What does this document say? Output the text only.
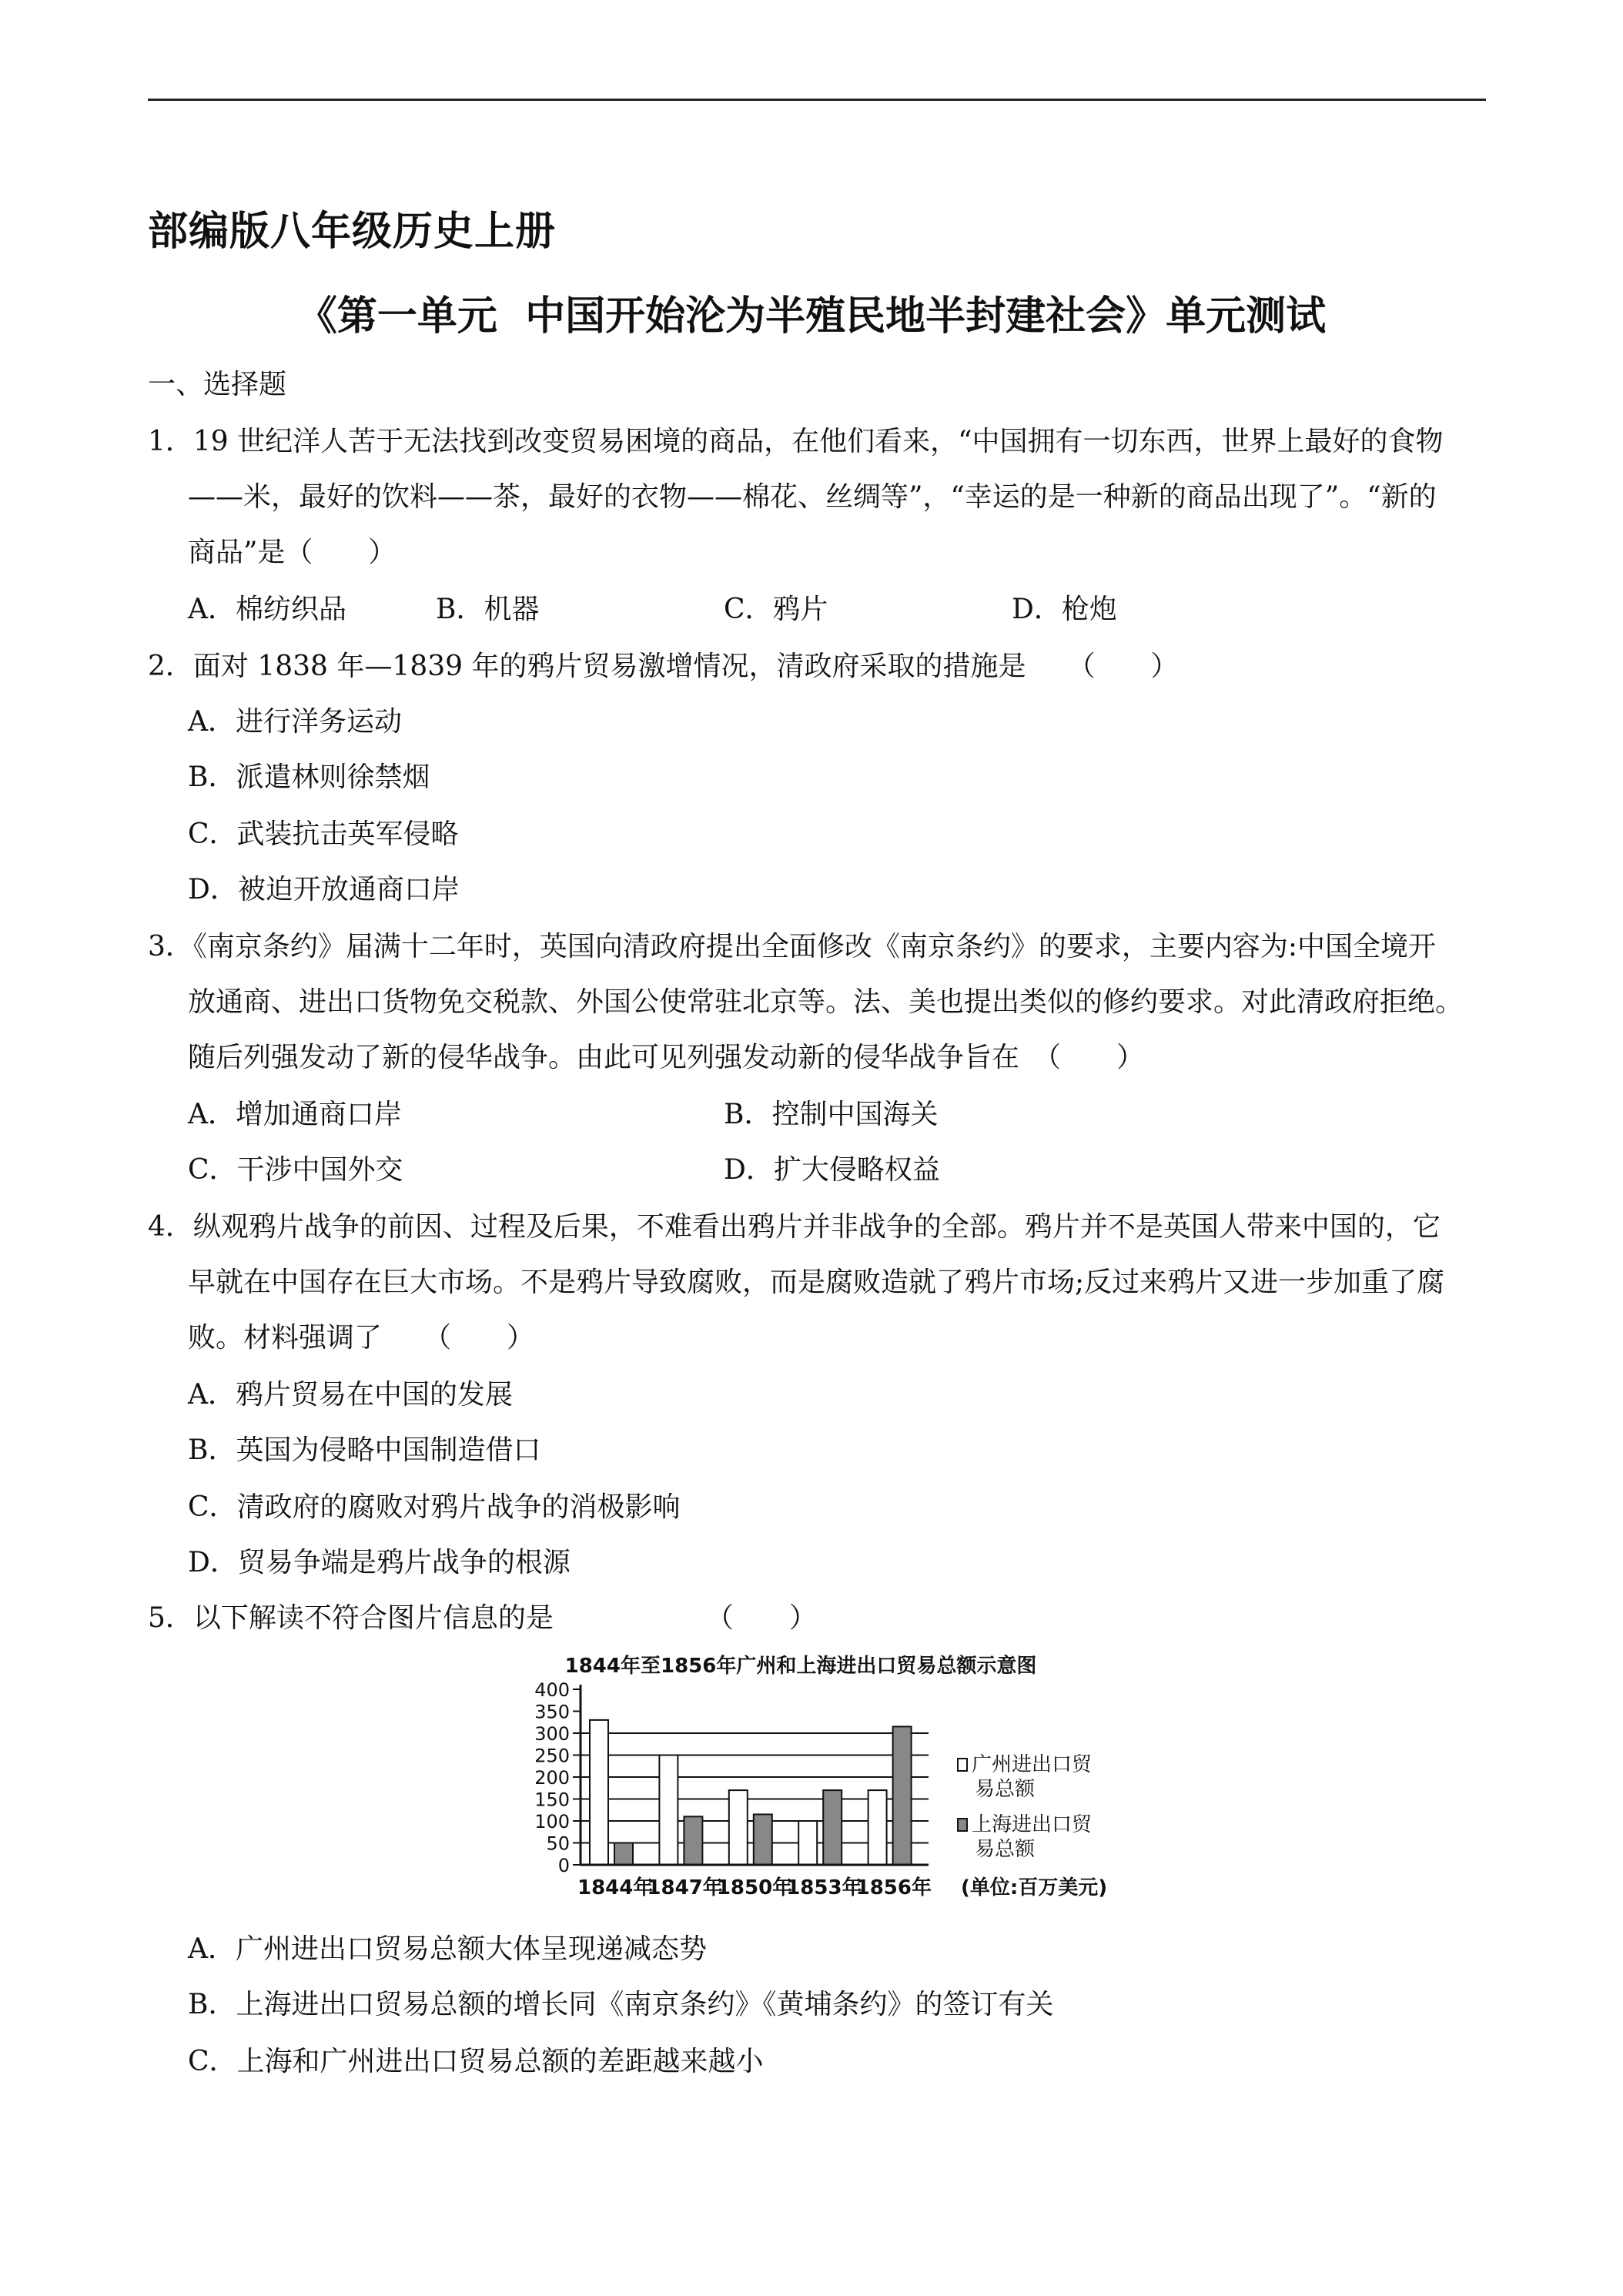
部编版八年级历史上册
《第一单元  中国开始沦为半殖民地半封建社会》单元测试
一、选择题
1．19 世纪洋人苦于无法找到改变贸易困境的商品，在他们看来，“中国拥有一切东西，世界上最好的食物
——米，最好的饮料——茶，最好的衣物——棉花、丝绸等”，“幸运的是一种新的商品出现了”。“新的
商品”是（　　）
A．棉纺织品	B．机器	C．鸦片	D．枪炮
2．面对 1838 年—1839 年的鸦片贸易激增情况，清政府采取的措施是　　（　　）
A．进行洋务运动
B．派遣林则徐禁烟
C．武装抗击英军侵略
D．被迫开放通商口岸
3．《南京条约》届满十二年时，英国向清政府提出全面修改《南京条约》的要求，主要内容为:中国全境开
放通商、进出口货物免交税款、外国公使常驻北京等。法、美也提出类似的修约要求。对此清政府拒绝。
随后列强发动了新的侵华战争。由此可见列强发动新的侵华战争旨在　（　　）
A．增加通商口岸	B．控制中国海关
C．干涉中国外交	D．扩大侵略权益
4．纵观鸦片战争的前因、过程及后果，不难看出鸦片并非战争的全部。鸦片并不是英国人带来中国的，它
早就在中国存在巨大市场。不是鸦片导致腐败，而是腐败造就了鸦片市场;反过来鸦片又进一步加重了腐
败。材料强调了　　（　　）
A．鸦片贸易在中国的发展
B．英国为侵略中国制造借口
C．清政府的腐败对鸦片战争的消极影响
D．贸易争端是鸦片战争的根源
5．以下解读不符合图片信息的是　　　　　　（　　）
1844年至1856年广州和上海进出口贸易总额示意图
0
50
100
150
200
250
300
350
400
1844年
1847年
1850年
1853年
1856年
广州进出口贸
易总额
上海进出口贸
易总额
(单位:百万美元)
A．广州进出口贸易总额大体呈现递减态势
B．上海进出口贸易总额的增长同《南京条约》《黄埔条约》的签订有关
C．上海和广州进出口贸易总额的差距越来越小
